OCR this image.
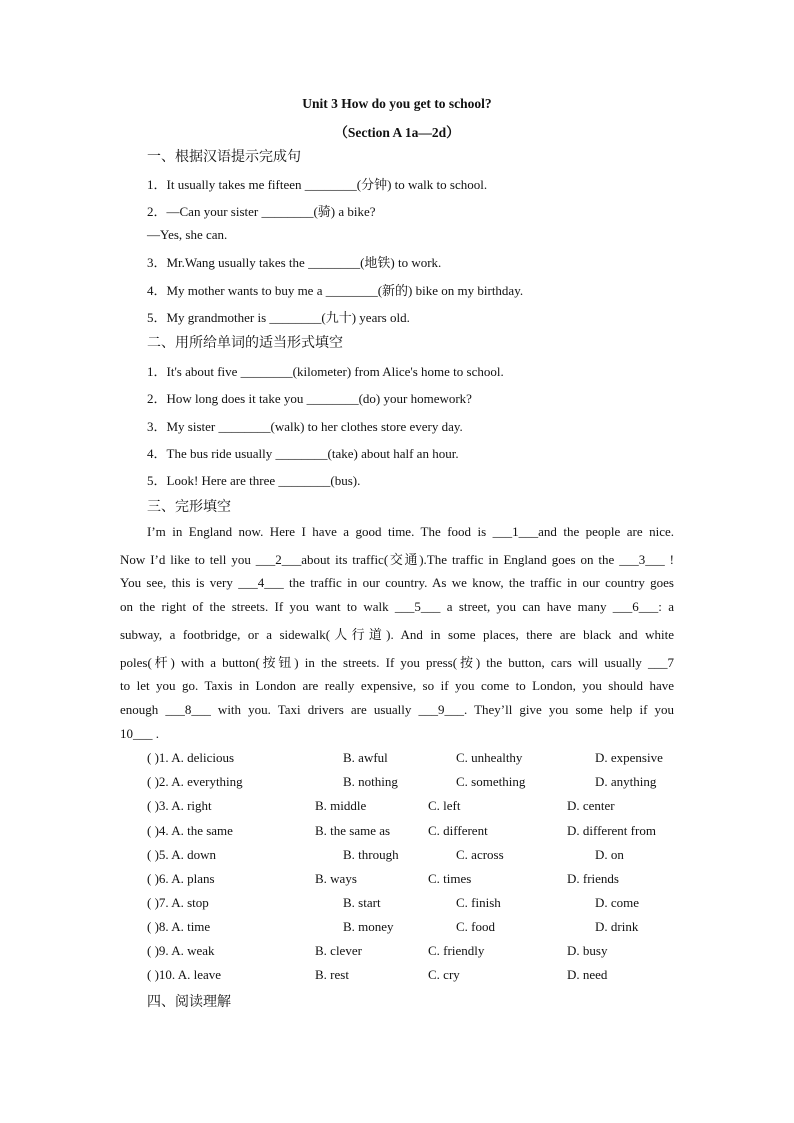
Unit 3 How do you get to school?
（Section A 1a—2d）
一、根据汉语提示完成句
1．It usually takes me fifteen ________(分钟) to walk to school.
2．—Can your sister ________(骑) a bike?
—Yes, she can.
3．Mr.Wang usually takes the ________(地铁) to work.
4．My mother wants to buy me a ________(新的) bike on my birthday.
5．My grandmother is ________(九十) years old.
二、用所给单词的适当形式填空
1．It's about five ________(kilometer) from Alice's home to school.
2．How long does it take you ________(do) your homework?
3．My sister ________(walk) to her clothes store every day.
4．The bus ride usually ________(take) about half an hour.
5．Look! Here are three ________(bus).
三、完形填空
I’m in England now. Here I have a good time. The food is ___1___and the people are nice.
Now I’d like to tell you ___2___about its traffic(交通).The traffic in England goes on the ___3___ !
You see, this is very ___4___ the traffic in our country. As we know, the traffic in our country goes
on the right of the streets. If you want to walk ___5___ a street, you can have many ___6___: a
subway, a footbridge, or a sidewalk(人行道). And in some places, there are black and white
poles(杆) with a button(按钮) in the streets. If you press(按) the button, cars will usually ___7
to let you go. Taxis in London are really expensive, so if you come to London, you should have
enough ___8___ with you. Taxi drivers are usually ___9___. They’ll give you some help if you
10___ .
( )1. A. delicious	B. awful	C. unhealthy	D. expensive
( )2. A. everything	B. nothing	C. something	D. anything
( )3. A. right	B. middle	C. left	D. center
( )4. A. the same	B. the same as	C. different	D. different from
( )5. A. down	B. through	C. across	D. on
( )6. A. plans	B. ways	C. times	D. friends
( )7. A. stop	B. start	C. finish	D. come
( )8. A. time	B. money	C. food	D. drink
( )9. A. weak	B. clever	C. friendly	D. busy
( )10. A. leave	B. rest	C. cry	D. need
四、阅读理解
